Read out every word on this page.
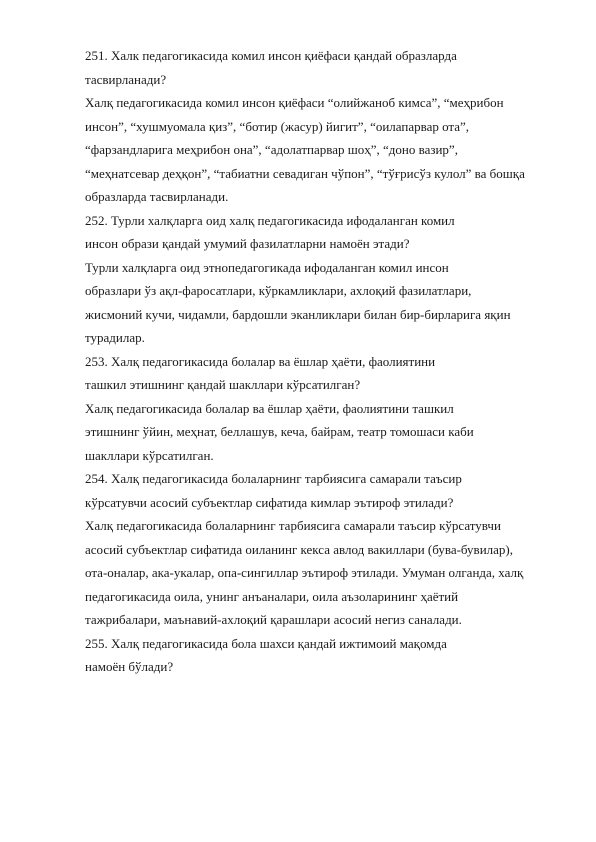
251. Халк педагогикасида комил инсон қиёфаси қандай образларда
тасвирланади?
Халқ педагогикасида комил инсон қиёфаси “олийжаноб кимса”, “меҳрибон
инсон”, “хушмуомала қиз”, “ботир (жасур) йигит”, “оилапарвар ота”,
“фарзандларига меҳрибон она”, “адолатпарвар шоҳ”, “доно вазир”,
“меҳнатсевар деҳқон”, “табиатни севадиган чўпон”, “тўғрисўз кулол” ва бошқа
образларда тасвирланади.
252. Турли халқларга оид халқ педагогикасида ифодаланган комил
инсон образи қандай умумий фазилатларни намоён этади?
Турли халқларга оид этнопедагогикада ифодаланган комил инсон
образлари ўз ақл-фаросатлари, кўркамликлари, ахлоқий фазилатлари,
жисмоний кучи, чидамли, бардошли эканликлари билан бир-бирларига яқин
турадилар.
253. Халқ педагогикасида болалар ва ёшлар ҳаёти, фаолиятини
ташкил этишнинг қандай шакллари кўрсатилган?
Халқ педагогикасида болалар ва ёшлар ҳаёти, фаолиятини ташкил
этишнинг ўйин, меҳнат, беллашув, кеча, байрам, театр томошаси каби
шакллари кўрсатилган.
254. Халқ педагогикасида болаларнинг тарбиясига самарали таъсир
кўрсатувчи асосий субъектлар сифатида кимлар эътироф этилади?
Халқ педагогикасида болаларнинг тарбиясига самарали таъсир кўрсатувчи
асосий субъектлар сифатида оиланинг кекса авлод вакиллари (бува-бувилар),
ота-оналар, ака-укалар, опа-сингиллар эътироф этилади. Умуман олганда, халқ
педагогикасида оила, унинг анъаналари, оила аъзоларининг ҳаётий
тажрибалари, маънавий-ахлоқий қарашлари асосий негиз саналади.
255. Халқ педагогикасида бола шахси қандай ижтимоий мақомда
намоён бўлади?
